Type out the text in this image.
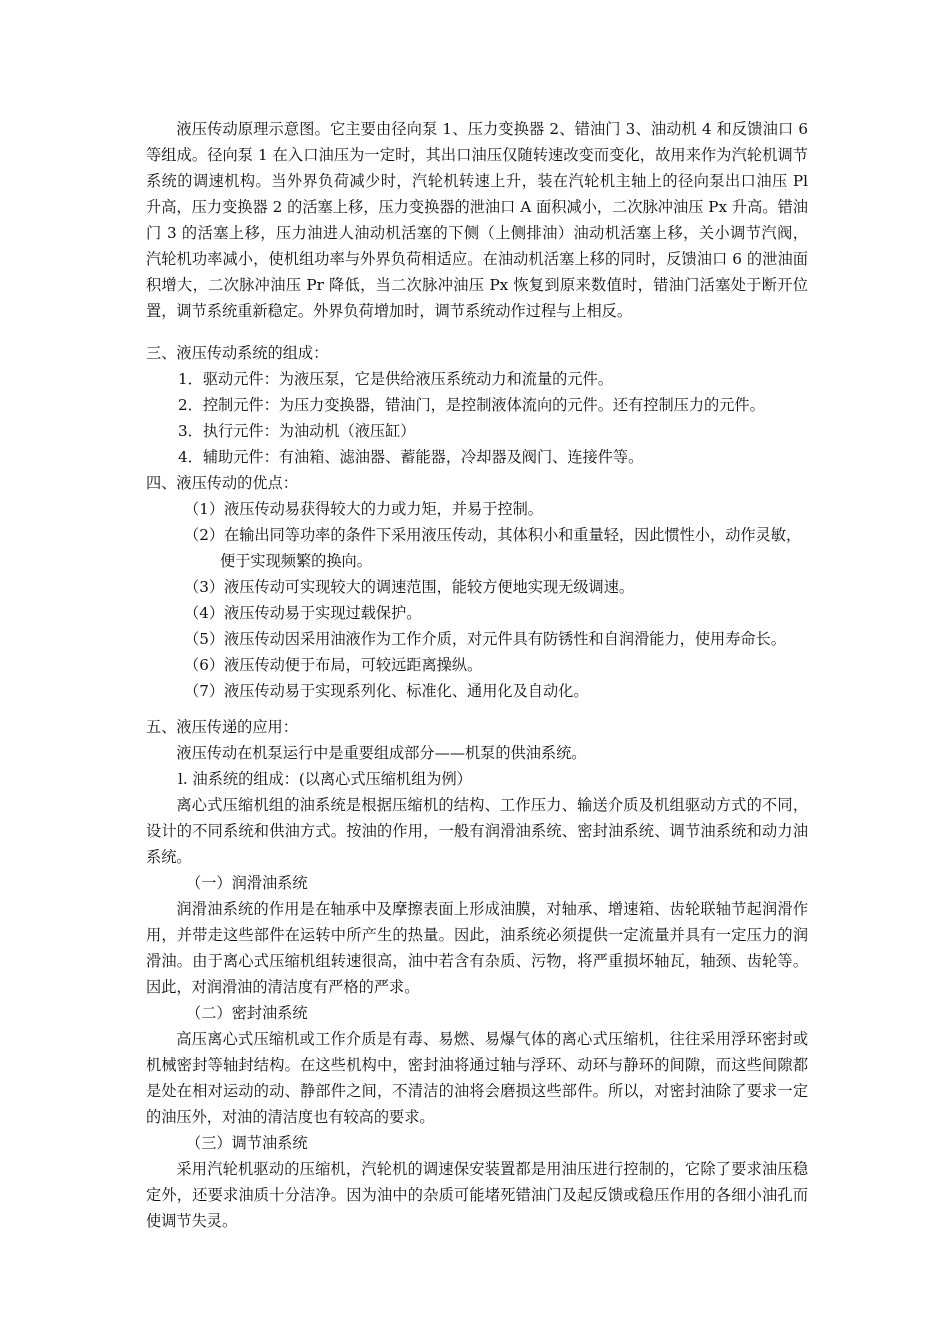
液压传动原理示意图。它主要由径向泵 1、压力变换器 2、错油门 3、油动机 4 和反馈油口 6 等组成。径向泵 1 在入口油压为一定时，其出口油压仅随转速改变而变化，故用来作为汽轮机调节系统的调速机构。当外界负荷减少时，汽轮机转速上升，装在汽轮机主轴上的径向泵出口油压 Pl 升高，压力变换器 2 的活塞上移，压力变换器的泄油口 A 面积减小，二次脉冲油压 Px 升高。错油门 3 的活塞上移，压力油进人油动机活塞的下侧（上侧排油）油动机活塞上移，关小调节汽阀， 汽轮机功率减小，使机组功率与外界负荷相适应。在油动机活塞上移的同时，反馈油口 6 的泄油面积增大，二次脉冲油压 Pr 降低，当二次脉冲油压 Px 恢复到原来数值时，错油门活塞处于断开位置，调节系统重新稳定。外界负荷增加时，调节系统动作过程与上相反。

三、液压传动系统的组成：

1．驱动元件：为液压泵，它是供给液压系统动力和流量的元件。

2．控制元件：为压力变换器，错油门，是控制液体流向的元件。还有控制压力的元件。

3．执行元件：为油动机（液压缸）

4．辅助元件：有油箱、滤油器、蓄能器，冷却器及阀门、连接件等。

四、液压传动的优点：

（1）液压传动易获得较大的力或力矩，并易于控制。

（2）在输出同等功率的条件下采用液压传动，其体积小和重量轻，因此惯性小，动作灵敏，便于实现频繁的换向。

（3）液压传动可实现较大的调速范围，能较方便地实现无级调速。

（4）液压传动易于实现过载保护。

（5）液压传动因采用油液作为工作介质，对元件具有防锈性和自润滑能力，使用寿命长。

（6）液压传动便于布局，可较远距离操纵。

（7）液压传动易于实现系列化、标准化、通用化及自动化。

五、液压传递的应用：

液压传动在机泵运行中是重要组成部分——机泵的供油系统。

l. 油系统的组成：(以离心式压缩机组为例）

离心式压缩机组的油系统是根据压缩机的结构、工作压力、输送介质及机组驱动方式的不同，设计的不同系统和供油方式。按油的作用，一般有润滑油系统、密封油系统、调节油系统和动力油系统。

（一）润滑油系统

润滑油系统的作用是在轴承中及摩擦表面上形成油膜，对轴承、增速箱、齿轮联轴节起润滑作用，并带走这些部件在运转中所产生的热量。因此，油系统必须提供一定流量并具有一定压力的润滑油。由于离心式压缩机组转速很高，油中若含有杂质、污物，将严重损坏轴瓦，轴颈、齿轮等。因此，对润滑油的清洁度有严格的严求。

（二）密封油系统

高压离心式压缩机或工作介质是有毒、易燃、易爆气体的离心式压缩机，往往采用浮环密封或机械密封等轴封结构。在这些机构中，密封油将通过轴与浮环、动环与静环的间隙，而这些间隙都是处在相对运动的动、静部件之间，不清洁的油将会磨损这些部件。所以，对密封油除了要求一定的油压外，对油的清洁度也有较高的要求。

（三）调节油系统

采用汽轮机驱动的压缩机，汽轮机的调速保安装置都是用油压进行控制的，它除了要求油压稳定外，还要求油质十分洁净。因为油中的杂质可能堵死错油门及起反馈或稳压作用的各细小油孔而使调节失灵。
